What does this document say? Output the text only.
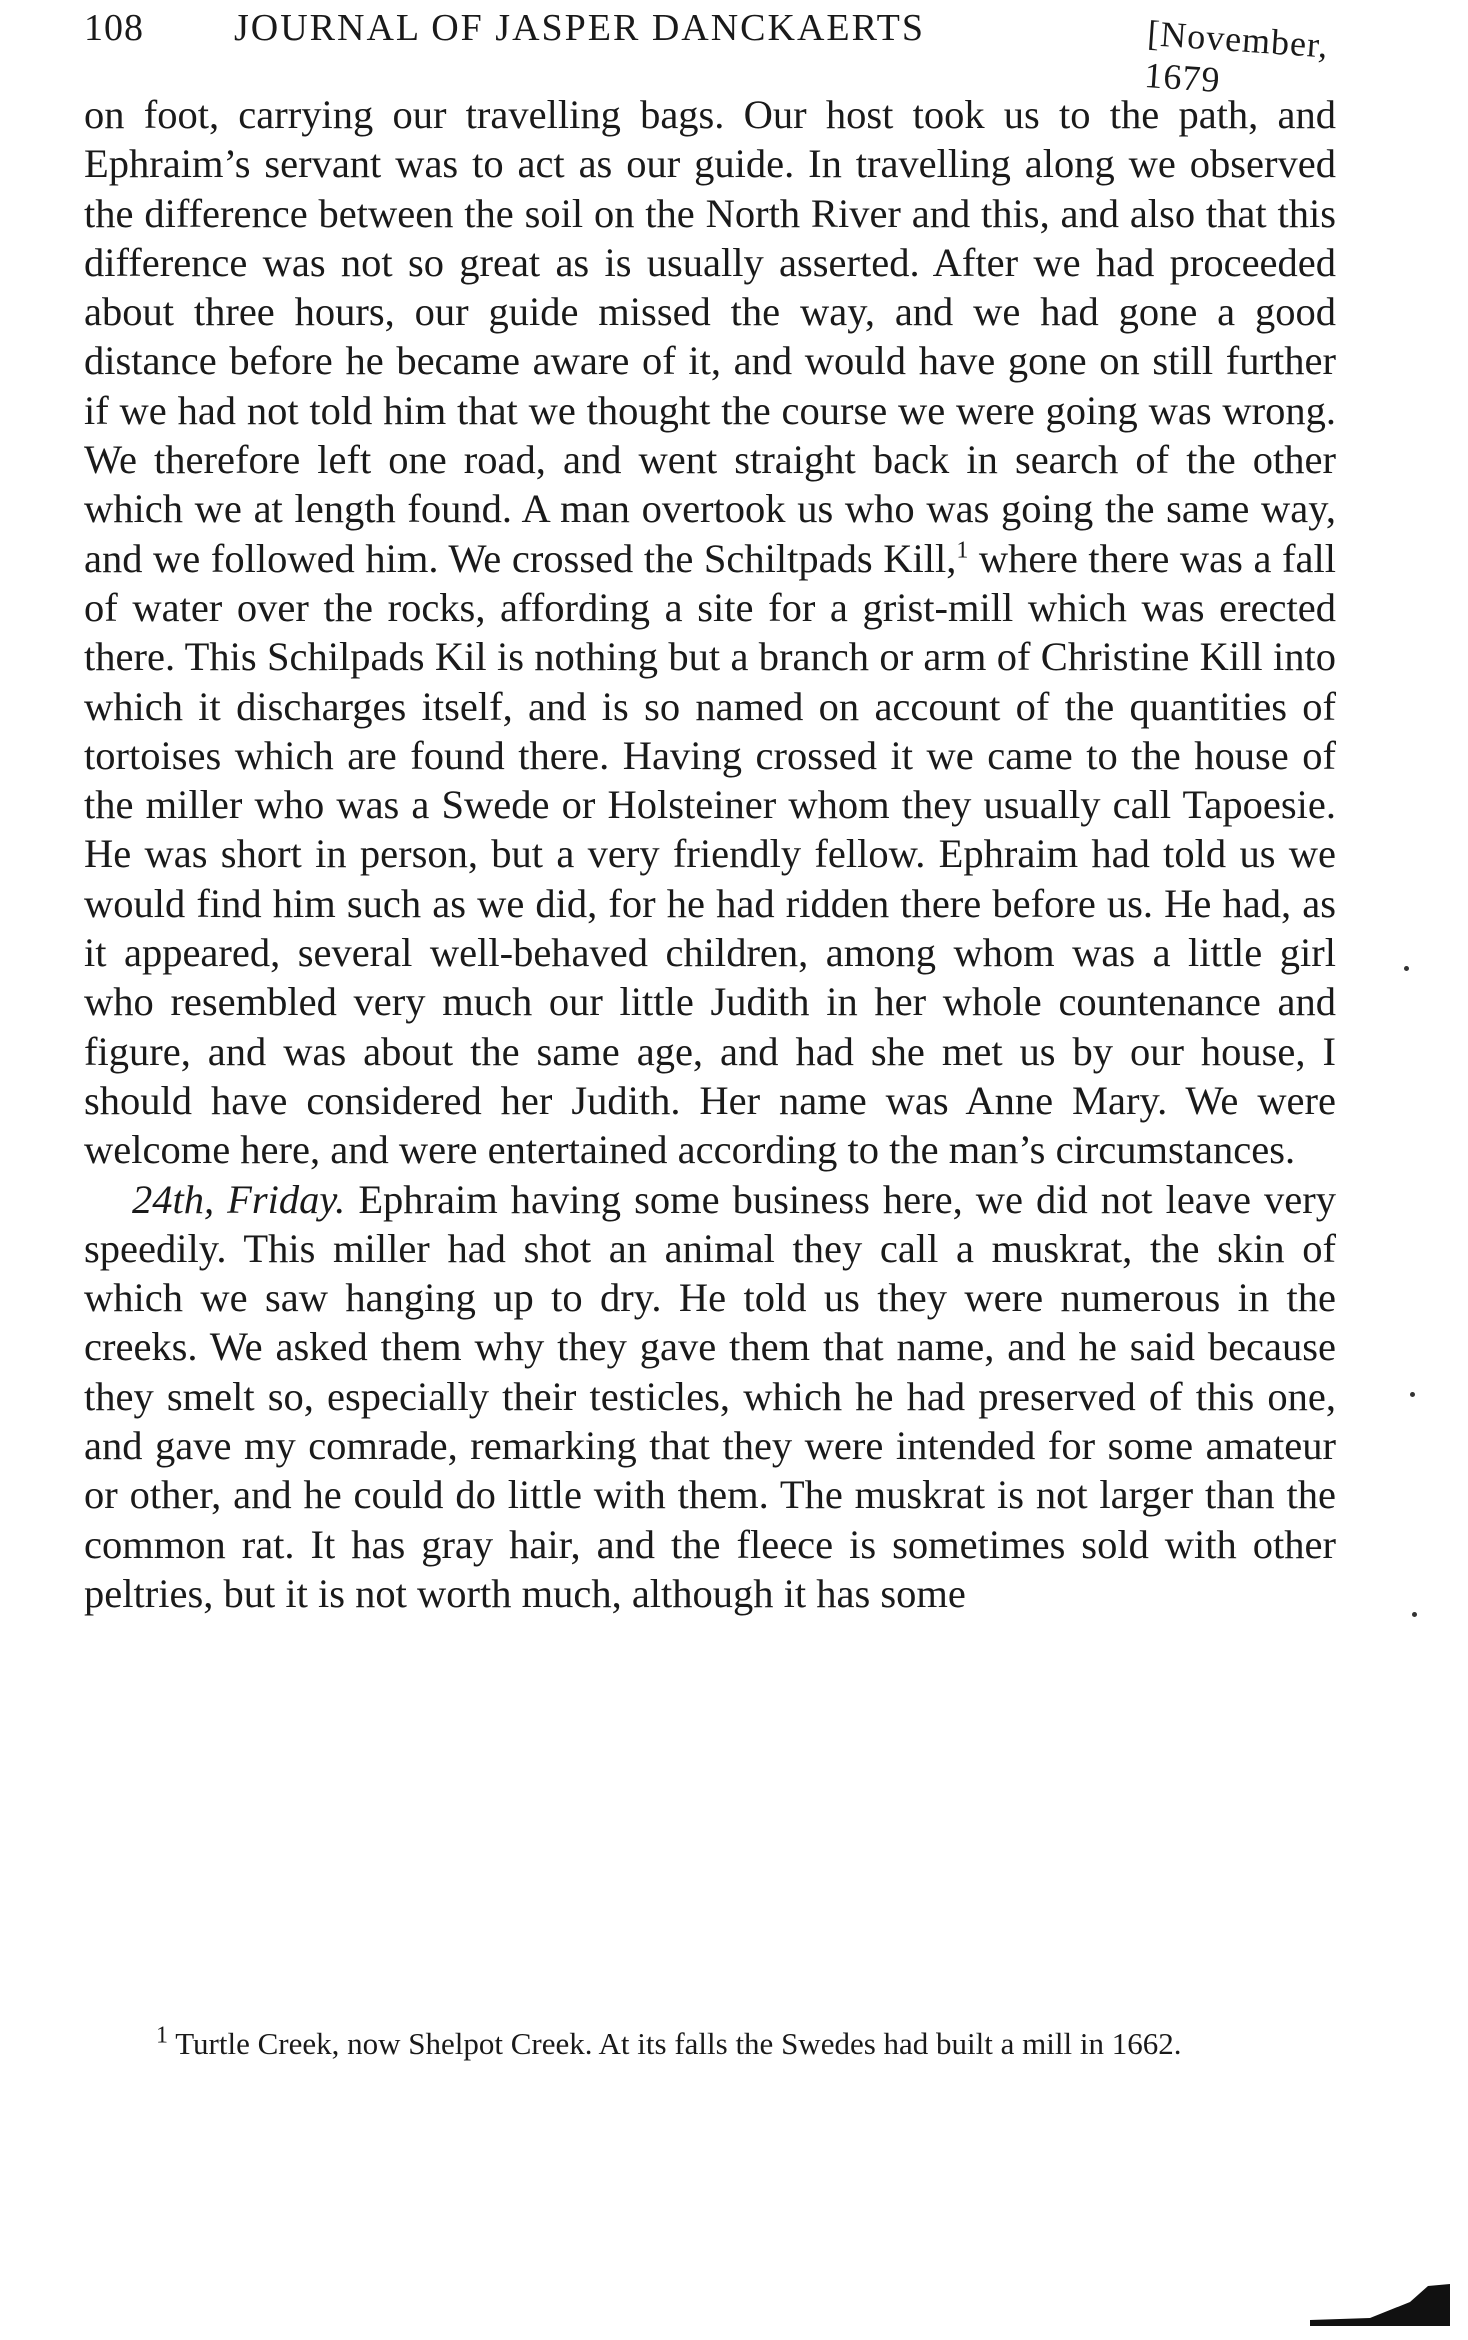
108 JOURNAL OF JASPER DANCKAERTS	[November, 1679

on foot, carrying our travelling bags. Our host took us to the path, and Ephraim’s servant was to act as our guide. In travelling along we observed the difference between the soil on the North River and this, and also that this difference was not so great as is usually asserted. After we had proceeded about three hours, our guide missed the way, and we had gone a good distance before he became aware of it, and would have gone on still further if we had not told him that we thought the course we were going was wrong. We therefore left one road, and went straight back in search of the other which we at length found. A man overtook us who was going the same way, and we followed him. We crossed the Schiltpads Kill,$^1$ where there was a fall of water over the rocks, affording a site for a grist-mill which was erected there. This Schilpads Kil is nothing but a branch or arm of Christine Kill into which it discharges itself, and is so named on account of the quantities of tortoises which are found there. Having crossed it we came to the house of the miller who was a Swede or Holsteiner whom they usually call Tapoesie. He was short in person, but a very friendly fellow. Ephraim had told us we would find him such as we did, for he had ridden there before us. He had, as it appeared, several well-behaved children, among whom was a little girl who resembled very much our little Judith in her whole countenance and figure, and was about the same age, and had she met us by our house, I should have considered her Judith. Her name was Anne Mary. We were welcome here, and were entertained according to the man’s circumstances.

24th, Friday. Ephraim having some business here, we did not leave very speedily. This miller had shot an animal they call a muskrat, the skin of which we saw hanging up to dry. He told us they were numerous in the creeks. We asked them why they gave them that name, and he said because they smelt so, especially their testicles, which he had preserved of this one, and gave my comrade, remarking that they were intended for some amateur or other, and he could do little with them. The muskrat is not larger than the common rat. It has gray hair, and the fleece is sometimes sold with other peltries, but it is not worth much, although it has some

$^1$ Turtle Creek, now Shelpot Creek. At its falls the Swedes had built a mill in 1662.
